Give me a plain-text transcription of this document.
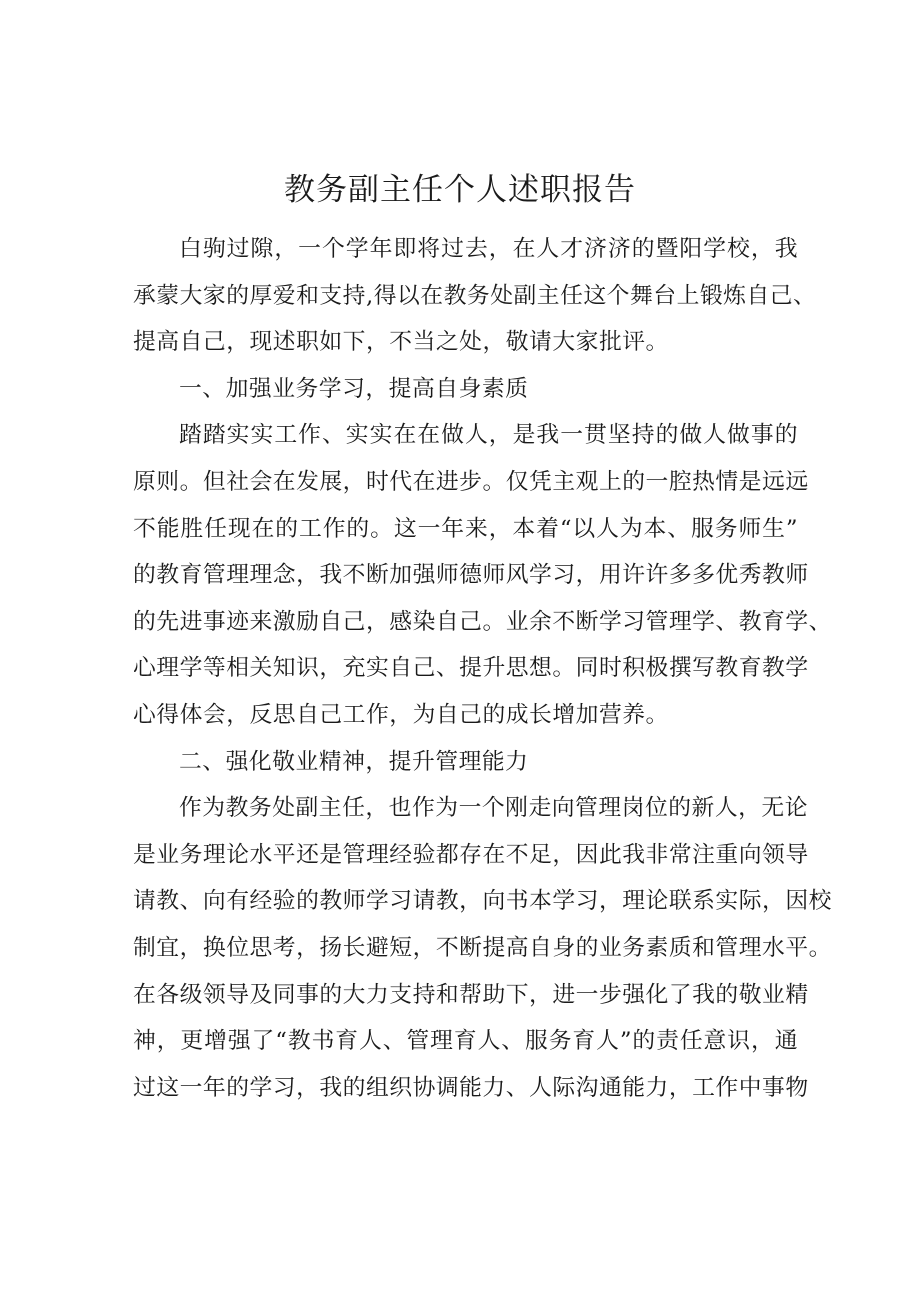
教务副主任个人述职报告
白驹过隙，一个学年即将过去，在人才济济的暨阳学校，我
承蒙大家的厚爱和支持,得以在教务处副主任这个舞台上锻炼自己、
提高自己，现述职如下，不当之处，敬请大家批评。
一、加强业务学习，提高自身素质
踏踏实实工作、实实在在做人，是我一贯坚持的做人做事的
原则。但社会在发展，时代在进步。仅凭主观上的一腔热情是远远
不能胜任现在的工作的。这一年来，本着“以人为本、服务师生”
的教育管理理念，我不断加强师德师风学习，用许许多多优秀教师
的先进事迹来激励自己，感染自己。业余不断学习管理学、教育学、
心理学等相关知识，充实自己、提升思想。同时积极撰写教育教学
心得体会，反思自己工作，为自己的成长增加营养。
二、强化敬业精神，提升管理能力
作为教务处副主任，也作为一个刚走向管理岗位的新人，无论
是业务理论水平还是管理经验都存在不足，因此我非常注重向领导
请教、向有经验的教师学习请教，向书本学习，理论联系实际，因校
制宜，换位思考，扬长避短，不断提高自身的业务素质和管理水平。
在各级领导及同事的大力支持和帮助下，进一步强化了我的敬业精
神，更增强了“教书育人、管理育人、服务育人”的责任意识，通
过这一年的学习，我的组织协调能力、人际沟通能力，工作中事物
